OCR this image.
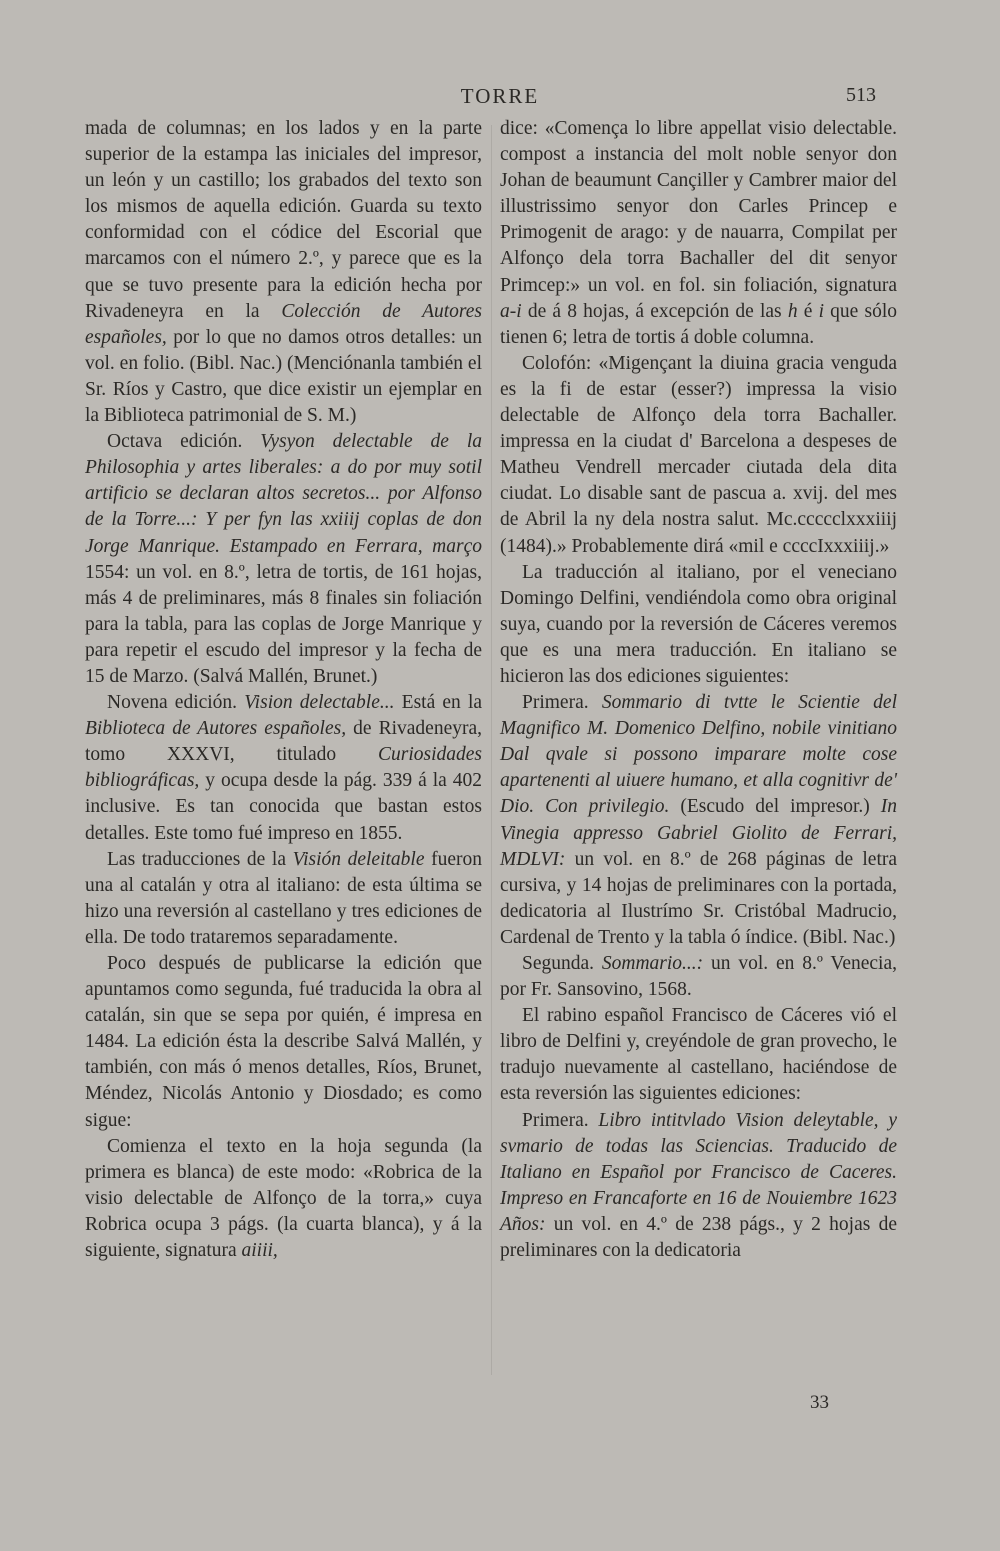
TORRE	513

mada de columnas; en los lados y en la parte superior de la estampa las iniciales del impresor, un león y un castillo; los grabados del texto son los mismos de aquella edición. Guarda su texto conformidad con el códice del Escorial que marcamos con el número 2.º, y parece que es la que se tuvo presente para la edición hecha por Rivadeneyra en la Colección de Autores españoles, por lo que no damos otros detalles: un vol. en folio. (Bibl. Nac.) (Menciónanla también el Sr. Ríos y Castro, que dice existir un ejemplar en la Biblioteca patrimonial de S. M.)

Octava edición. Vysyon delectable de la Philosophia y artes liberales: a do por muy sotil artificio se declaran altos secretos... por Alfonso de la Torre...: Y per fyn las xxiiij coplas de don Jorge Manrique. Estampado en Ferrara, março 1554: un vol. en 8.º, letra de tortis, de 161 hojas, más 4 de preliminares, más 8 finales sin foliación para la tabla, para las coplas de Jorge Manrique y para repetir el escudo del impresor y la fecha de 15 de Marzo. (Salvá Mallén, Brunet.)

Novena edición. Vision delectable... Está en la Biblioteca de Autores españoles, de Rivadeneyra, tomo XXXVI, titulado Curiosidades bibliográficas, y ocupa desde la pág. 339 á la 402 inclusive. Es tan conocida que bastan estos detalles. Este tomo fué impreso en 1855.

Las traducciones de la Visión deleitable fueron una al catalán y otra al italiano: de esta última se hizo una reversión al castellano y tres ediciones de ella. De todo trataremos separadamente.

Poco después de publicarse la edición que apuntamos como segunda, fué traducida la obra al catalán, sin que se sepa por quién, é impresa en 1484. La edición ésta la describe Salvá Mallén, y también, con más ó menos detalles, Ríos, Brunet, Méndez, Nicolás Antonio y Diosdado; es como sigue:

Comienza el texto en la hoja segunda (la primera es blanca) de este modo: «Robrica de la visio delectable de Alfonço de la torra,» cuya Robrica ocupa 3 págs. (la cuarta blanca), y á la siguiente, signatura aiiii,

dice: «Comença lo libre appellat visio delectable. compost a instancia del molt noble senyor don Johan de beaumunt Cançiller y Cambrer maior del illustrissimo senyor don Carles Princep e Primogenit de arago: y de nauarra, Compilat per Alfonço dela torra Bachaller del dit senyor Primcep:» un vol. en fol. sin foliación, signatura a-i de á 8 hojas, á excepción de las h é i que sólo tienen 6; letra de tortis á doble columna.

Colofón: «Migençant la diuina gracia venguda es la fi de estar (esser?) impressa la visio delectable de Alfonço dela torra Bachaller. impressa en la ciudat d' Barcelona a despeses de Matheu Vendrell mercader ciutada dela dita ciudat. Lo disable sant de pascua a. xvij. del mes de Abril la ny dela nostra salut. Mc.ccccclxxxiiij (1484).» Probablemente dirá «mil e ccccIxxxiiij.»

La traducción al italiano, por el veneciano Domingo Delfini, vendiéndola como obra original suya, cuando por la reversión de Cáceres veremos que es una mera traducción. En italiano se hicieron las dos ediciones siguientes:

Primera. Sommario di tvtte le Scientie del Magnifico M. Domenico Delfino, nobile vinitiano Dal qvale si possono imparare molte cose apartenenti al uiuere humano, et alla cognitivr de' Dio. Con privilegio. (Escudo del impresor.) In Vinegia appresso Gabriel Giolito de Ferrari, MDLVI: un vol. en 8.º de 268 páginas de letra cursiva, y 14 hojas de preliminares con la portada, dedicatoria al Ilustrímo Sr. Cristóbal Madrucio, Cardenal de Trento y la tabla ó índice. (Bibl. Nac.)

Segunda. Sommario...: un vol. en 8.º Venecia, por Fr. Sansovino, 1568.

El rabino español Francisco de Cáceres vió el libro de Delfini y, creyéndole de gran provecho, le tradujo nuevamente al castellano, haciéndose de esta reversión las siguientes ediciones:

Primera. Libro intitvlado Vision deleytable, y svmario de todas las Sciencias. Traducido de Italiano en Español por Francisco de Caceres. Impreso en Francaforte en 16 de Nouiembre 1623 Años: un vol. en 4.º de 238 págs., y 2 hojas de preliminares con la dedicatoria

33
